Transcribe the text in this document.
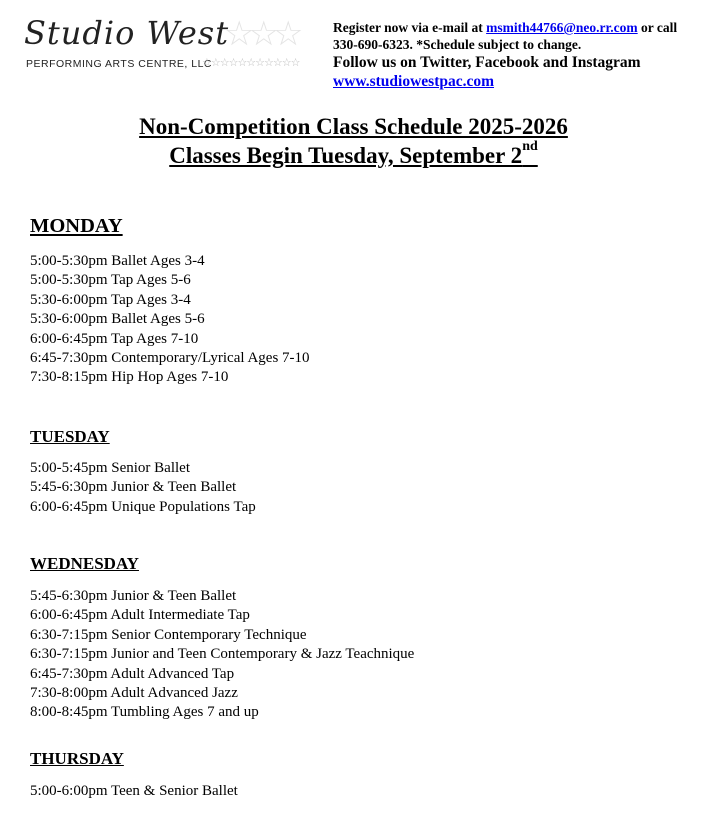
☆☆☆
Studio West
PERFORMING ARTS CENTRE, LLC
☆☆☆☆☆☆☆☆☆☆☆
Register now via e-mail at msmith44766@neo.rr.com or call
330-690-6323. *Schedule subject to change.
Follow us on Twitter, Facebook and Instagram
www.studiowestpac.com
Non-Competition Class Schedule 2025-2026
Classes Begin Tuesday, September 2nd
MONDAY
5:00-5:30pm Ballet Ages 3-4
5:00-5:30pm Tap Ages 5-6
5:30-6:00pm Tap Ages 3-4
5:30-6:00pm Ballet Ages 5-6
6:00-6:45pm Tap Ages 7-10
6:45-7:30pm Contemporary/Lyrical Ages 7-10
7:30-8:15pm Hip Hop Ages 7-10
TUESDAY
5:00-5:45pm Senior Ballet
5:45-6:30pm Junior & Teen Ballet
6:00-6:45pm Unique Populations Tap
WEDNESDAY
5:45-6:30pm Junior & Teen Ballet
6:00-6:45pm Adult Intermediate Tap
6:30-7:15pm Senior Contemporary Technique
6:30-7:15pm Junior and Teen Contemporary & Jazz Teachnique
6:45-7:30pm Adult Advanced Tap
7:30-8:00pm Adult Advanced Jazz
8:00-8:45pm Tumbling Ages 7 and up
THURSDAY
5:00-6:00pm Teen & Senior Ballet
